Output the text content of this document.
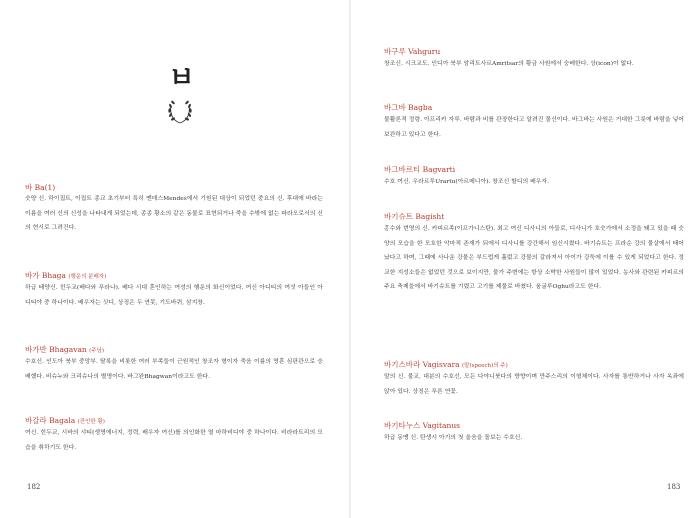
ㅂ
바 Ba(1)
숫양 신. 하이집트, 이집트 종교 초기부터 특히 멘데스Mendes에서 기원된 대상이 되었던 중요의 신. 후대에 바라는 이름을 여러 신의 신성을 나타내게 되었는데, 종종 황소의 같은 동물로 표현되거나 죽을 수밖에 없는 파라오로서의 신의 현시로 그려진다.
바가 Bhaga (행운의 분배자)
하급 태양신. 힌두교(베다와 푸라나). 베다 시대 혼인하는 여성의 행운의 화신이었다. 여신 아디티의 여섯 아들인 아디티야 중 하나이다. 배우자는 싯디, 상징은 두 연못, 기도바퀴, 삼지창.
바가반 Bhagavan (주님)
수호신. 인도아 북부 중앙부. 탈록을 비롯한 여러 부족들이 근원적인 창조자 형이자 죽음 이름의 영혼 심판관으로 숭배했다. 비슈누와 크리슈나의 별명이다. 바그완Bhagwan이라고도 한다.
바갈라 Bagala (잔인한 황)
여신. 힌두교, 시바의 샤티(생명에너지, 정력, 배우자 여신)를 의인화한 열 마하비디야 중 하나이다. 비라라트리의 모습을 취하기도 한다.
182
바구루 Vahguru
창조신. 시크교도. 인디아 북부 암리트사르Amritsar의 황금 사원에서 숭배한다. 상(icon)이 없다.
바그바 Bagba
물활론적 정령. 아프리카 자루. 바람과 비를 관장한다고 알려진 물신이다. 바그바는 사원은 거대한 그릇에 바람을 넣어 보관하고 있다고 한다.
바그바르티 Bagvarti
수호 여신. 우라르투Urartu(아르메니아). 창조신 할디의 배우자.
바기슈트 Bagisht
홍수와 번영의 신. 카피르족(이프가니스탄). 최고 여신 디사니의 아들로, 디사니가 호숫가에서 소정을 돼고 있을 때 숫양의 모습을 한 모호한 악마적 존재가 되에서 디사니를 강간해서 임신시켰다. 바기슈트는 프라순 강의 물살에서 태어났다고 하며, 그때에 사나운 강물은 부드럽게 흘렀고 강물의 갈라져서 아이가 강둑에 이를 수 있게 되었다고 한다. 정교한 지성소들은 없었던 것으로 보이지만, 물가 주변에는 항상 소박한 사원들이 많이 있었다. 농사와 관련된 카피르의 주요 축제들에서 바기슈트를 기렸고 고기를 제물로 바쳤다. 움굴루Oghu라고도 한다.
바기스바라 Vagisvara (말(speech)의 주)
말의 신. 불교, 대분의 수호신, 모든 다야니붓다의 방향이며 만주스리의 이형체이다. 사자를 통반하거나 사자 옥좌에 앉아 있다. 상징은 푸른 연꽃.
바기타누스 Vagitanus
하급 동맹 신. 탄생시 아기의 첫 울음을 돌보는 수호신.
183
